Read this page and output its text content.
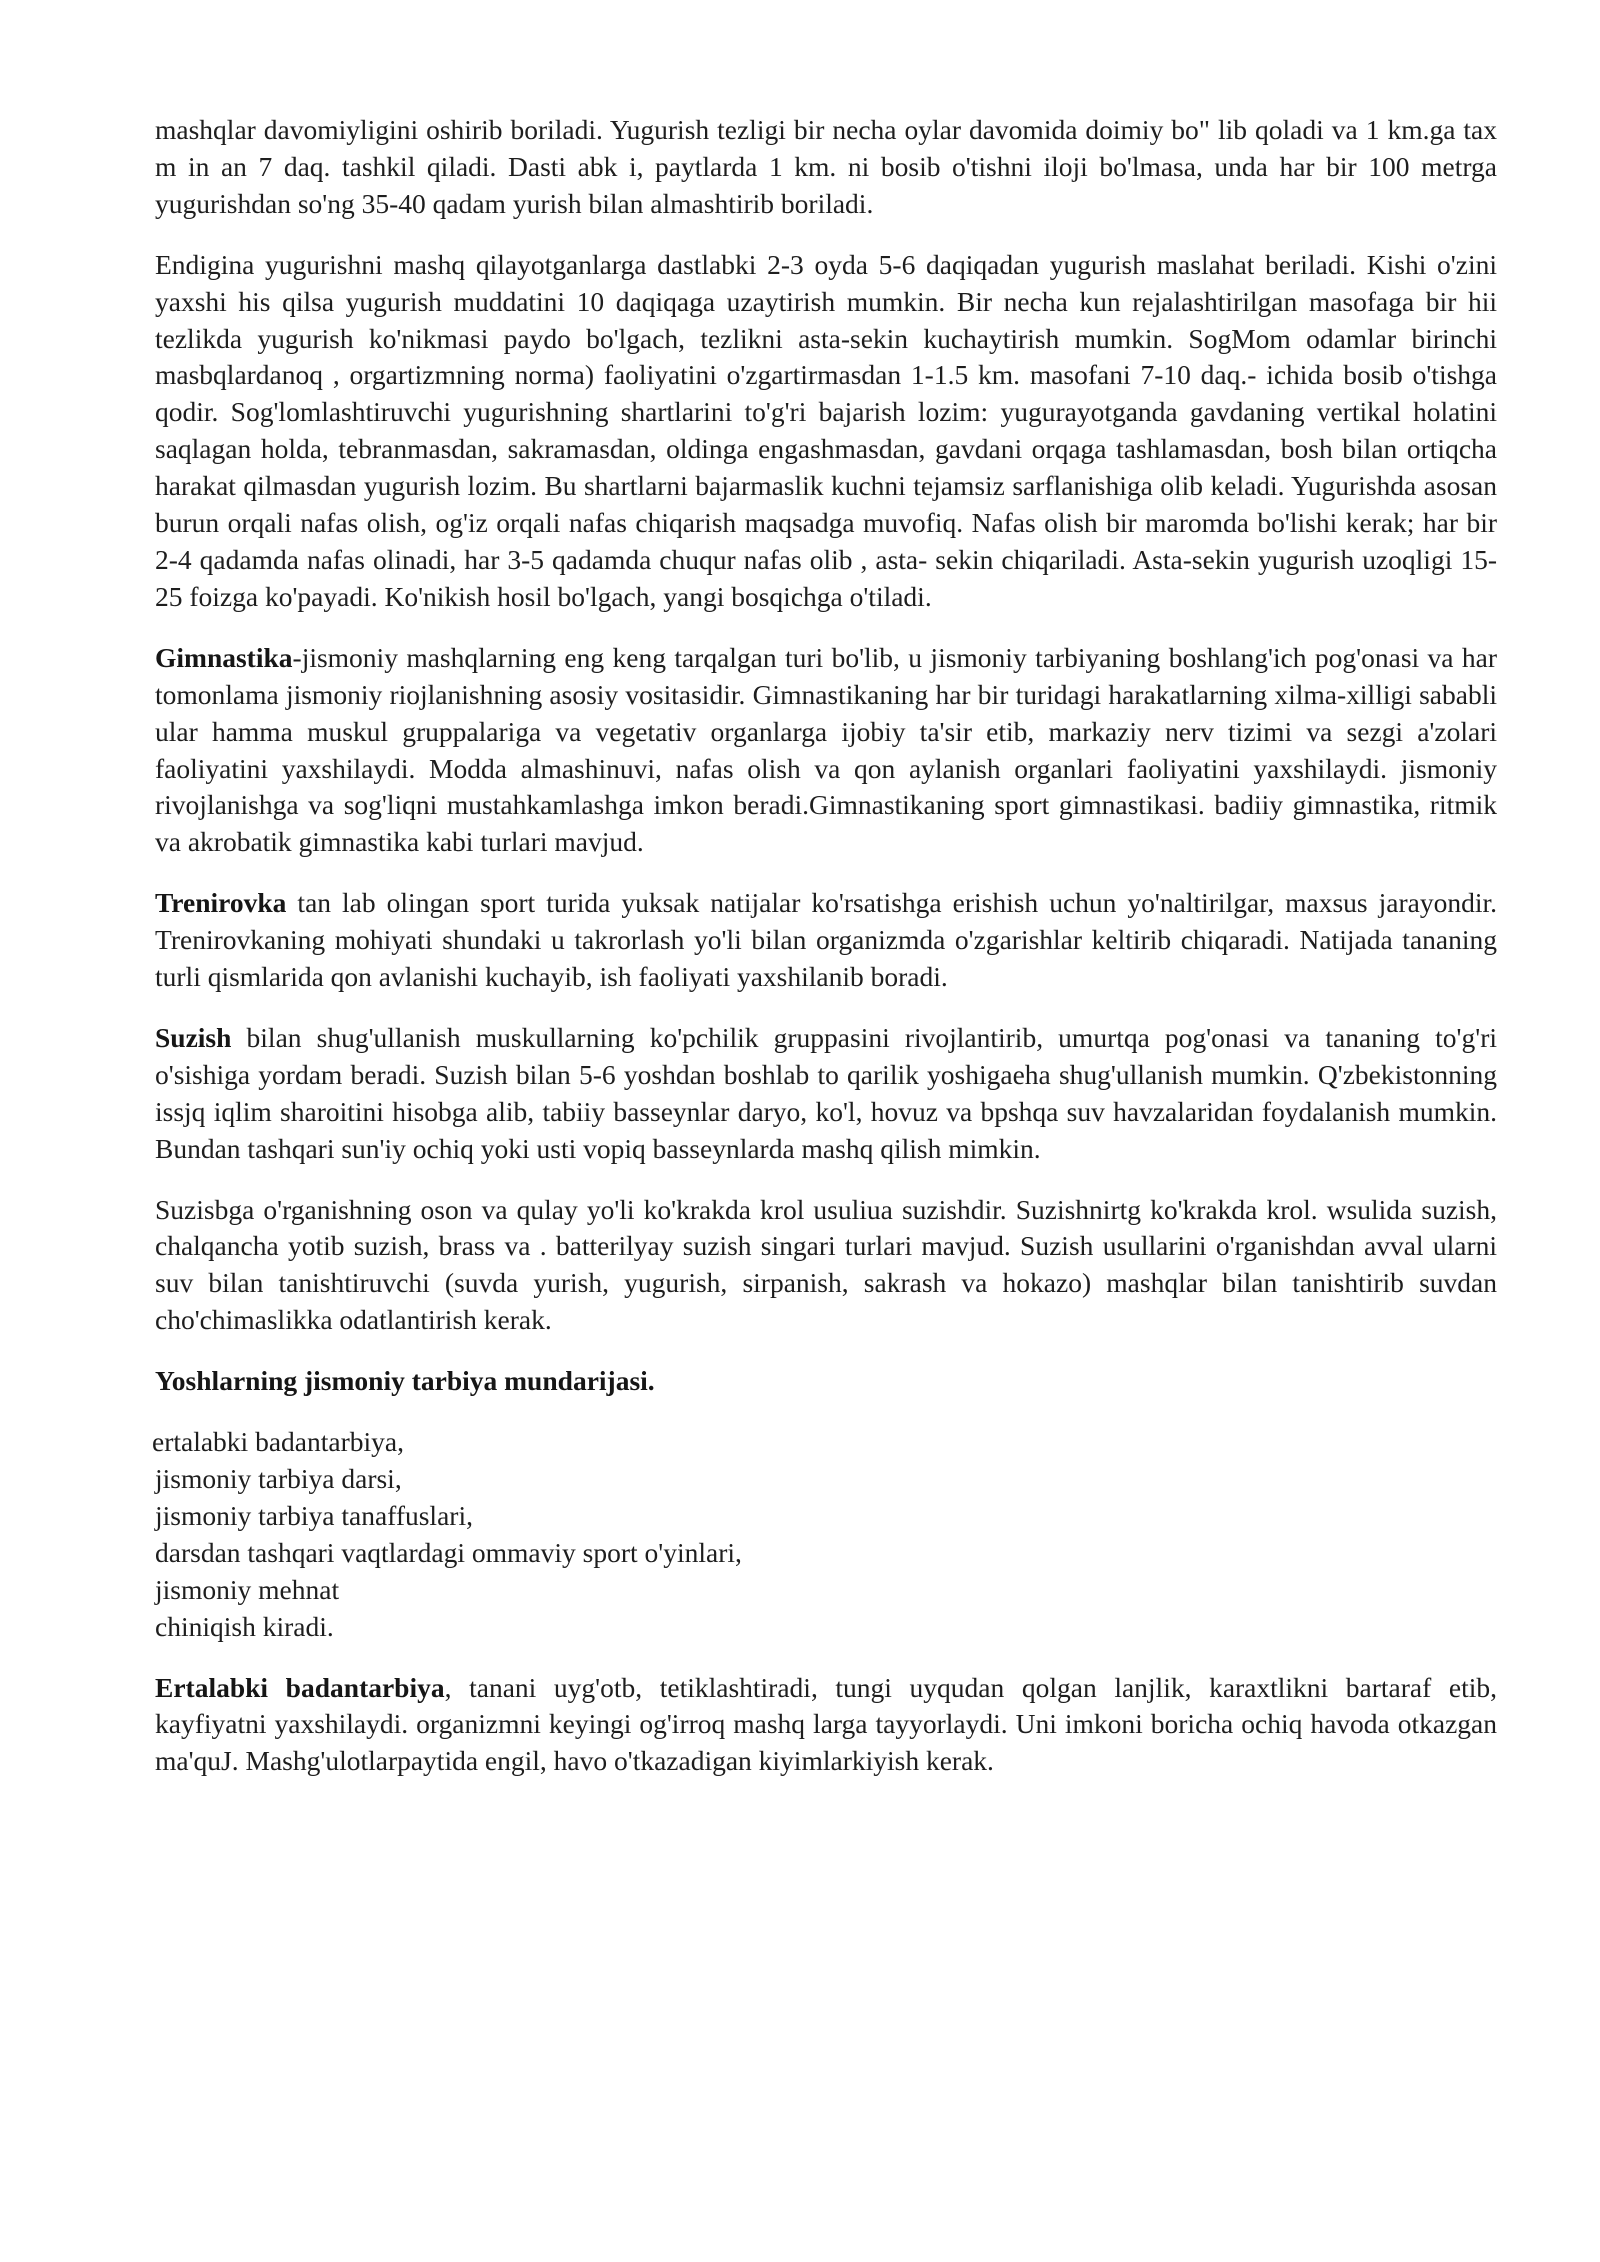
mashqlar davomiyligini oshirib boriladi. Yugurish tezligi bir necha oylar davomida doimiy bo" lib qoladi va 1 km.ga tax m in an 7 daq. tashkil qiladi. Dasti abk i, paytlarda 1 km. ni bosib o'tishni iloji bo'lmasa, unda har bir 100 metrga yugurishdan so'ng 35-40 qadam yurish bilan almashtirib boriladi.

Endigina yugurishni mashq qilayotganlarga dastlabki 2-3 oyda 5-6 daqiqadan yugurish maslahat beriladi. Kishi o'zini yaxshi his qilsa yugurish muddatini 10 daqiqaga uzaytirish mumkin. Bir necha kun rejalashtirilgan masofaga bir hii tezlikda yugurish ko'nikmasi paydo bo'lgach, tezlikni asta-sekin kuchaytirish mumkin. SogMom odamlar birinchi masbqlardanoq , orgartizmning norma) faoliyatini o'zgartirmasdan 1-1.5 km. masofani 7-10 daq.- ichida bosib o'tishga qodir. Sog'lomlashtiruvchi yugurishning shartlarini to'g'ri bajarish lozim: yugurayotganda gavdaning vertikal holatini saqlagan holda, tebranmasdan, sakramasdan, oldinga engashmasdan, gavdani orqaga tashlamasdan, bosh bilan ortiqcha harakat qilmasdan yugurish lozim. Bu shartlarni bajarmaslik kuchni tejamsiz sarflanishiga olib keladi. Yugurishda asosan burun orqali nafas olish, og'iz orqali nafas chiqarish maqsadga muvofiq. Nafas olish bir maromda bo'lishi kerak; har bir 2-4 qadamda nafas olinadi, har 3-5 qadamda chuqur nafas olib , asta- sekin chiqariladi. Asta-sekin yugurish uzoqligi 15-25 foizga ko'payadi. Ko'nikish hosil bo'lgach, yangi bosqichga o'tiladi.

Gimnastika-jismoniy mashqlarning eng keng tarqalgan turi bo'lib, u jismoniy tarbiyaning boshlang'ich pog'onasi va har tomonlama jismoniy riojlanishning asosiy vositasidir. Gimnastikaning har bir turidagi harakatlarning xilma-xilligi sababli ular hamma muskul gruppalariga va vegetativ organlarga ijobiy ta'sir etib, markaziy nerv tizimi va sezgi a'zolari faoliyatini yaxshilaydi. Modda almashinuvi, nafas olish va qon aylanish organlari faoliyatini yaxshilaydi. jismoniy rivojlanishga va sog'liqni mustahkamlashga imkon beradi.Gimnastikaning sport gimnastikasi. badiiy gimnastika, ritmik va akrobatik gimnastika kabi turlari mavjud.

Trenirovka tan lab olingan sport turida yuksak natijalar ko'rsatishga erishish uchun yo'naltirilgar, maxsus jarayondir. Trenirovkaning mohiyati shundaki u takrorlash yo'li bilan organizmda o'zgarishlar keltirib chiqaradi. Natijada tananing turli qismlarida qon avlanishi kuchayib, ish faoliyati yaxshilanib boradi.

Suzish bilan shug'ullanish muskullarning ko'pchilik gruppasini rivojlantirib, umurtqa pog'onasi va tananing to'g'ri o'sishiga yordam beradi. Suzish bilan 5-6 yoshdan boshlab to qarilik yoshigaeha shug'ullanish mumkin. Q'zbekistonning issjq iqlim sharoitini hisobga alib, tabiiy basseynlar daryo, ko'l, hovuz va bpshqa suv havzalaridan foydalanish mumkin. Bundan tashqari sun'iy ochiq yoki usti vopiq basseynlarda mashq qilish mimkin.

Suzisbga o'rganishning oson va qulay yo'li ko'krakda krol usuliua suzishdir. Suzishnirtg ko'krakda krol. wsulida suzish, chalqancha yotib suzish, brass va . batterilyay suzish singari turlari mavjud. Suzish usullarini o'rganishdan avval ularni suv bilan tanishtiruvchi (suvda yurish, yugurish, sirpanish, sakrash va hokazo) mashqlar bilan tanishtirib suvdan cho'chimaslikka odatlantirish kerak.

Yoshlarning jismoniy tarbiya mundarijasi.

ertalabki badantarbiya,
jismoniy tarbiya darsi,
jismoniy tarbiya tanaffuslari,
darsdan tashqari vaqtlardagi ommaviy sport o'yinlari,
jismoniy mehnat
chiniqish kiradi.

Ertalabki badantarbiya, tanani uyg'otb, tetiklashtiradi, tungi uyqudan qolgan lanjlik, karaxtlikni bartaraf etib, kayfiyatni yaxshilaydi. organizmni keyingi og'irroq mashq larga tayyorlaydi. Uni imkoni boricha ochiq havoda otkazgan ma'quJ. Mashg'ulotlarpaytida engil, havo o'tkazadigan kiyimlarkiyish kerak.
